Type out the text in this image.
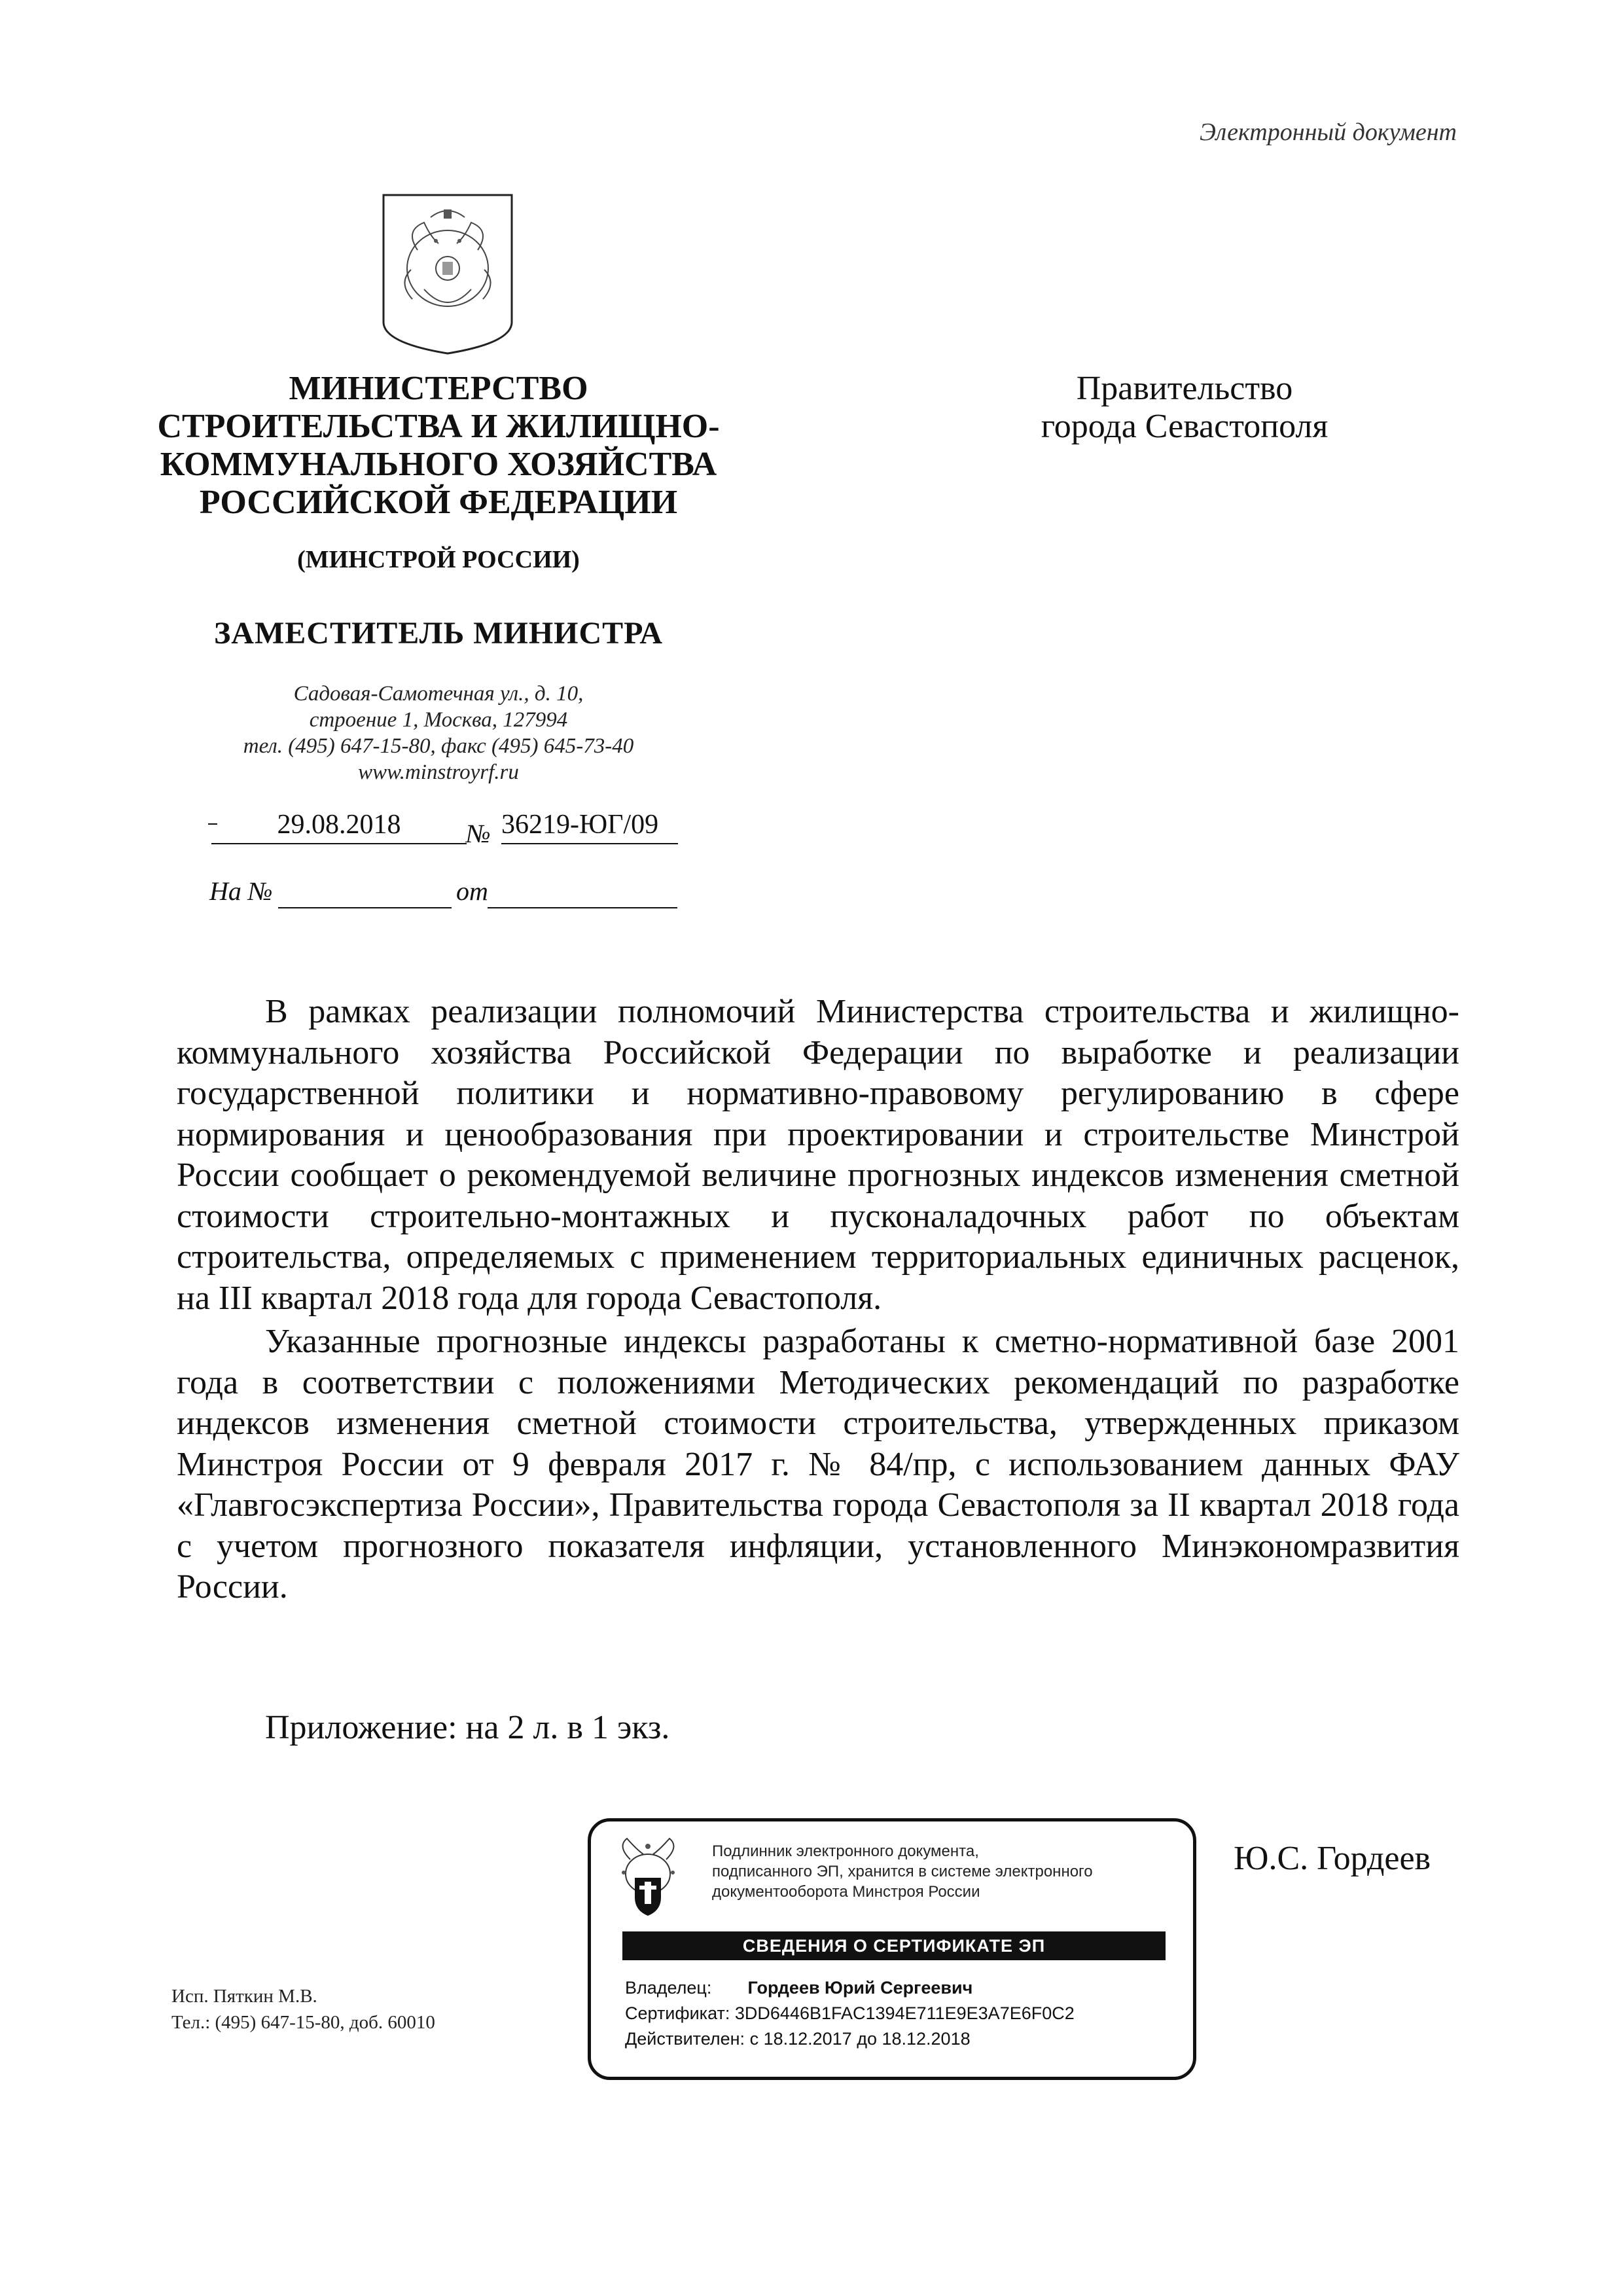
Электронный документ
МИНИСТЕРСТВО
СТРОИТЕЛЬСТВА И ЖИЛИЩНО-
КОММУНАЛЬНОГО ХОЗЯЙСТВА
РОССИЙСКОЙ ФЕДЕРАЦИИ
(МИНСТРОЙ РОССИИ)
ЗАМЕСТИТЕЛЬ МИНИСТРА
Садовая-Самотечная ул., д. 10,
строение 1, Москва, 127994
тел. (495) 647-15-80, факс (495) 645-73-40
www.minstroyrf.ru
29.08.2018	№ 36219-ЮГ/09
На №	от
Правительство
города Севастополя

В рамках реализации полномочий Министерства строительства и жилищно-коммунального хозяйства Российской Федерации по выработке и реализации государственной политики и нормативно-правовому регулированию в сфере нормирования и ценообразования при проектировании и строительстве Минстрой России сообщает о рекомендуемой величине прогнозных индексов изменения сметной стоимости строительно-монтажных и пусконаладочных работ по объектам строительства, определяемых с применением территориальных единичных расценок, на III квартал 2018 года для города Севастополя.

Указанные прогнозные индексы разработаны к сметно-нормативной базе 2001 года в соответствии с положениями Методических рекомендаций по разработке индексов изменения сметной стоимости строительства, утвержденных приказом Минстроя России от 9 февраля 2017 г. № 84/пр, с использованием данных ФАУ «Главгосэкспертиза России», Правительства города Севастополя за II квартал 2018 года с учетом прогнозного показателя инфляции, установленного Минэкономразвития России.

Приложение: на 2 л. в 1 экз.
Подлинник электронного документа,
подписанного ЭП, хранится в системе электронного
документооборота Минстроя России
СВЕДЕНИЯ О СЕРТИФИКАТЕ ЭП
Владелец: Гордеев Юрий Сергеевич
Сертификат: 3DD6446B1FAC1394E711E9E3A7E6F0C2
Действителен: с 18.12.2017 до 18.12.2018
Ю.С. Гордеев
Исп. Пяткин М.В.
Тел.: (495) 647-15-80, доб. 60010
